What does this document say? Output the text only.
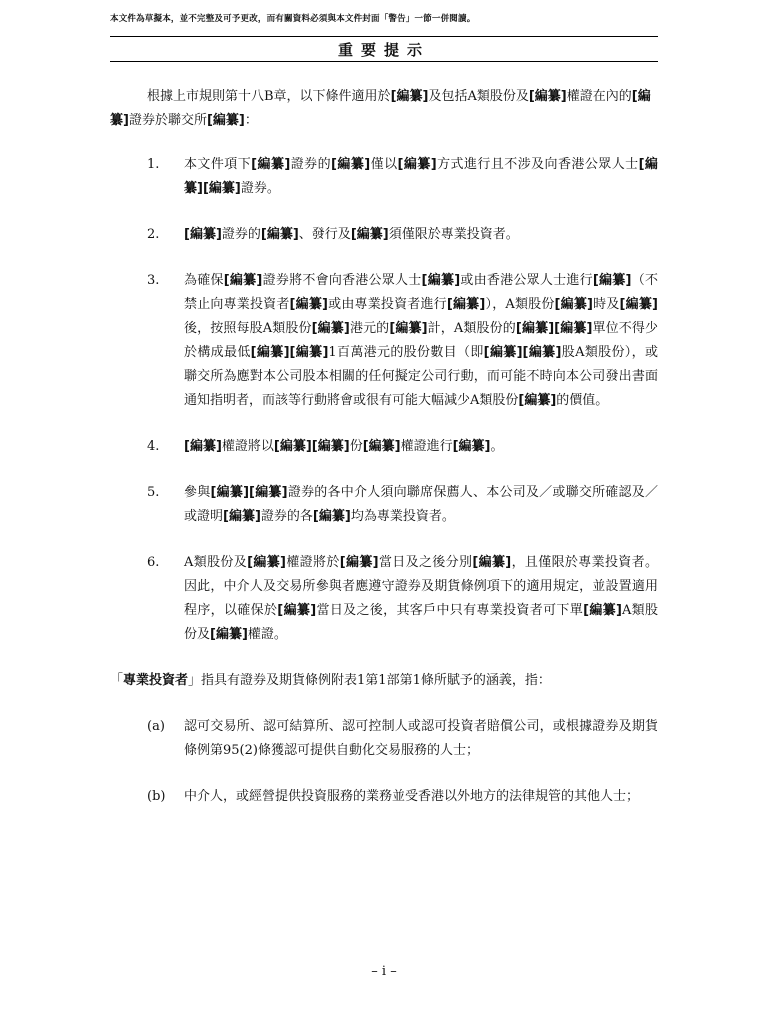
本文件為草擬本，並不完整及可予更改，而有關資料必須與本文件封面「警告」一節一併閱讀。
重要提示

根據上市規則第十八B章，以下條件適用於[編纂]及包括A類股份及[編纂]權證在內的[編纂]證券於聯交所[編纂]：

1. 本文件項下[編纂]證券的[編纂]僅以[編纂]方式進行且不涉及向香港公眾人士[編纂][編纂]證券。

2. [編纂]證券的[編纂]、發行及[編纂]須僅限於專業投資者。

3. 為確保[編纂]證券將不會向香港公眾人士[編纂]或由香港公眾人士進行[編纂]（不禁止向專業投資者[編纂]或由專業投資者進行[編纂]），A類股份[編纂]時及[編纂]後，按照每股A類股份[編纂]港元的[編纂]計，A類股份的[編纂][編纂]單位不得少於構成最低[編纂][編纂]1百萬港元的股份數目（即[編纂][編纂]股A類股份），或聯交所為應對本公司股本相關的任何擬定公司行動，而可能不時向本公司發出書面通知指明者，而該等行動將會或很有可能大幅減少A類股份[編纂]的價值。

4. [編纂]權證將以[編纂][編纂]份[編纂]權證進行[編纂]。

5. 參與[編纂][編纂]證券的各中介人須向聯席保薦人、本公司及／或聯交所確認及／或證明[編纂]證券的各[編纂]均為專業投資者。

6. A類股份及[編纂]權證將於[編纂]當日及之後分別[編纂]，且僅限於專業投資者。因此，中介人及交易所參與者應遵守證券及期貨條例項下的適用規定，並設置適用程序，以確保於[編纂]當日及之後，其客戶中只有專業投資者可下單[編纂]A類股份及[編纂]權證。

「專業投資者」指具有證券及期貨條例附表1第1部第1條所賦予的涵義，指：

(a) 認可交易所、認可結算所、認可控制人或認可投資者賠償公司，或根據證券及期貨條例第95(2)條獲認可提供自動化交易服務的人士；

(b) 中介人，或經營提供投資服務的業務並受香港以外地方的法律規管的其他人士；

– i –
